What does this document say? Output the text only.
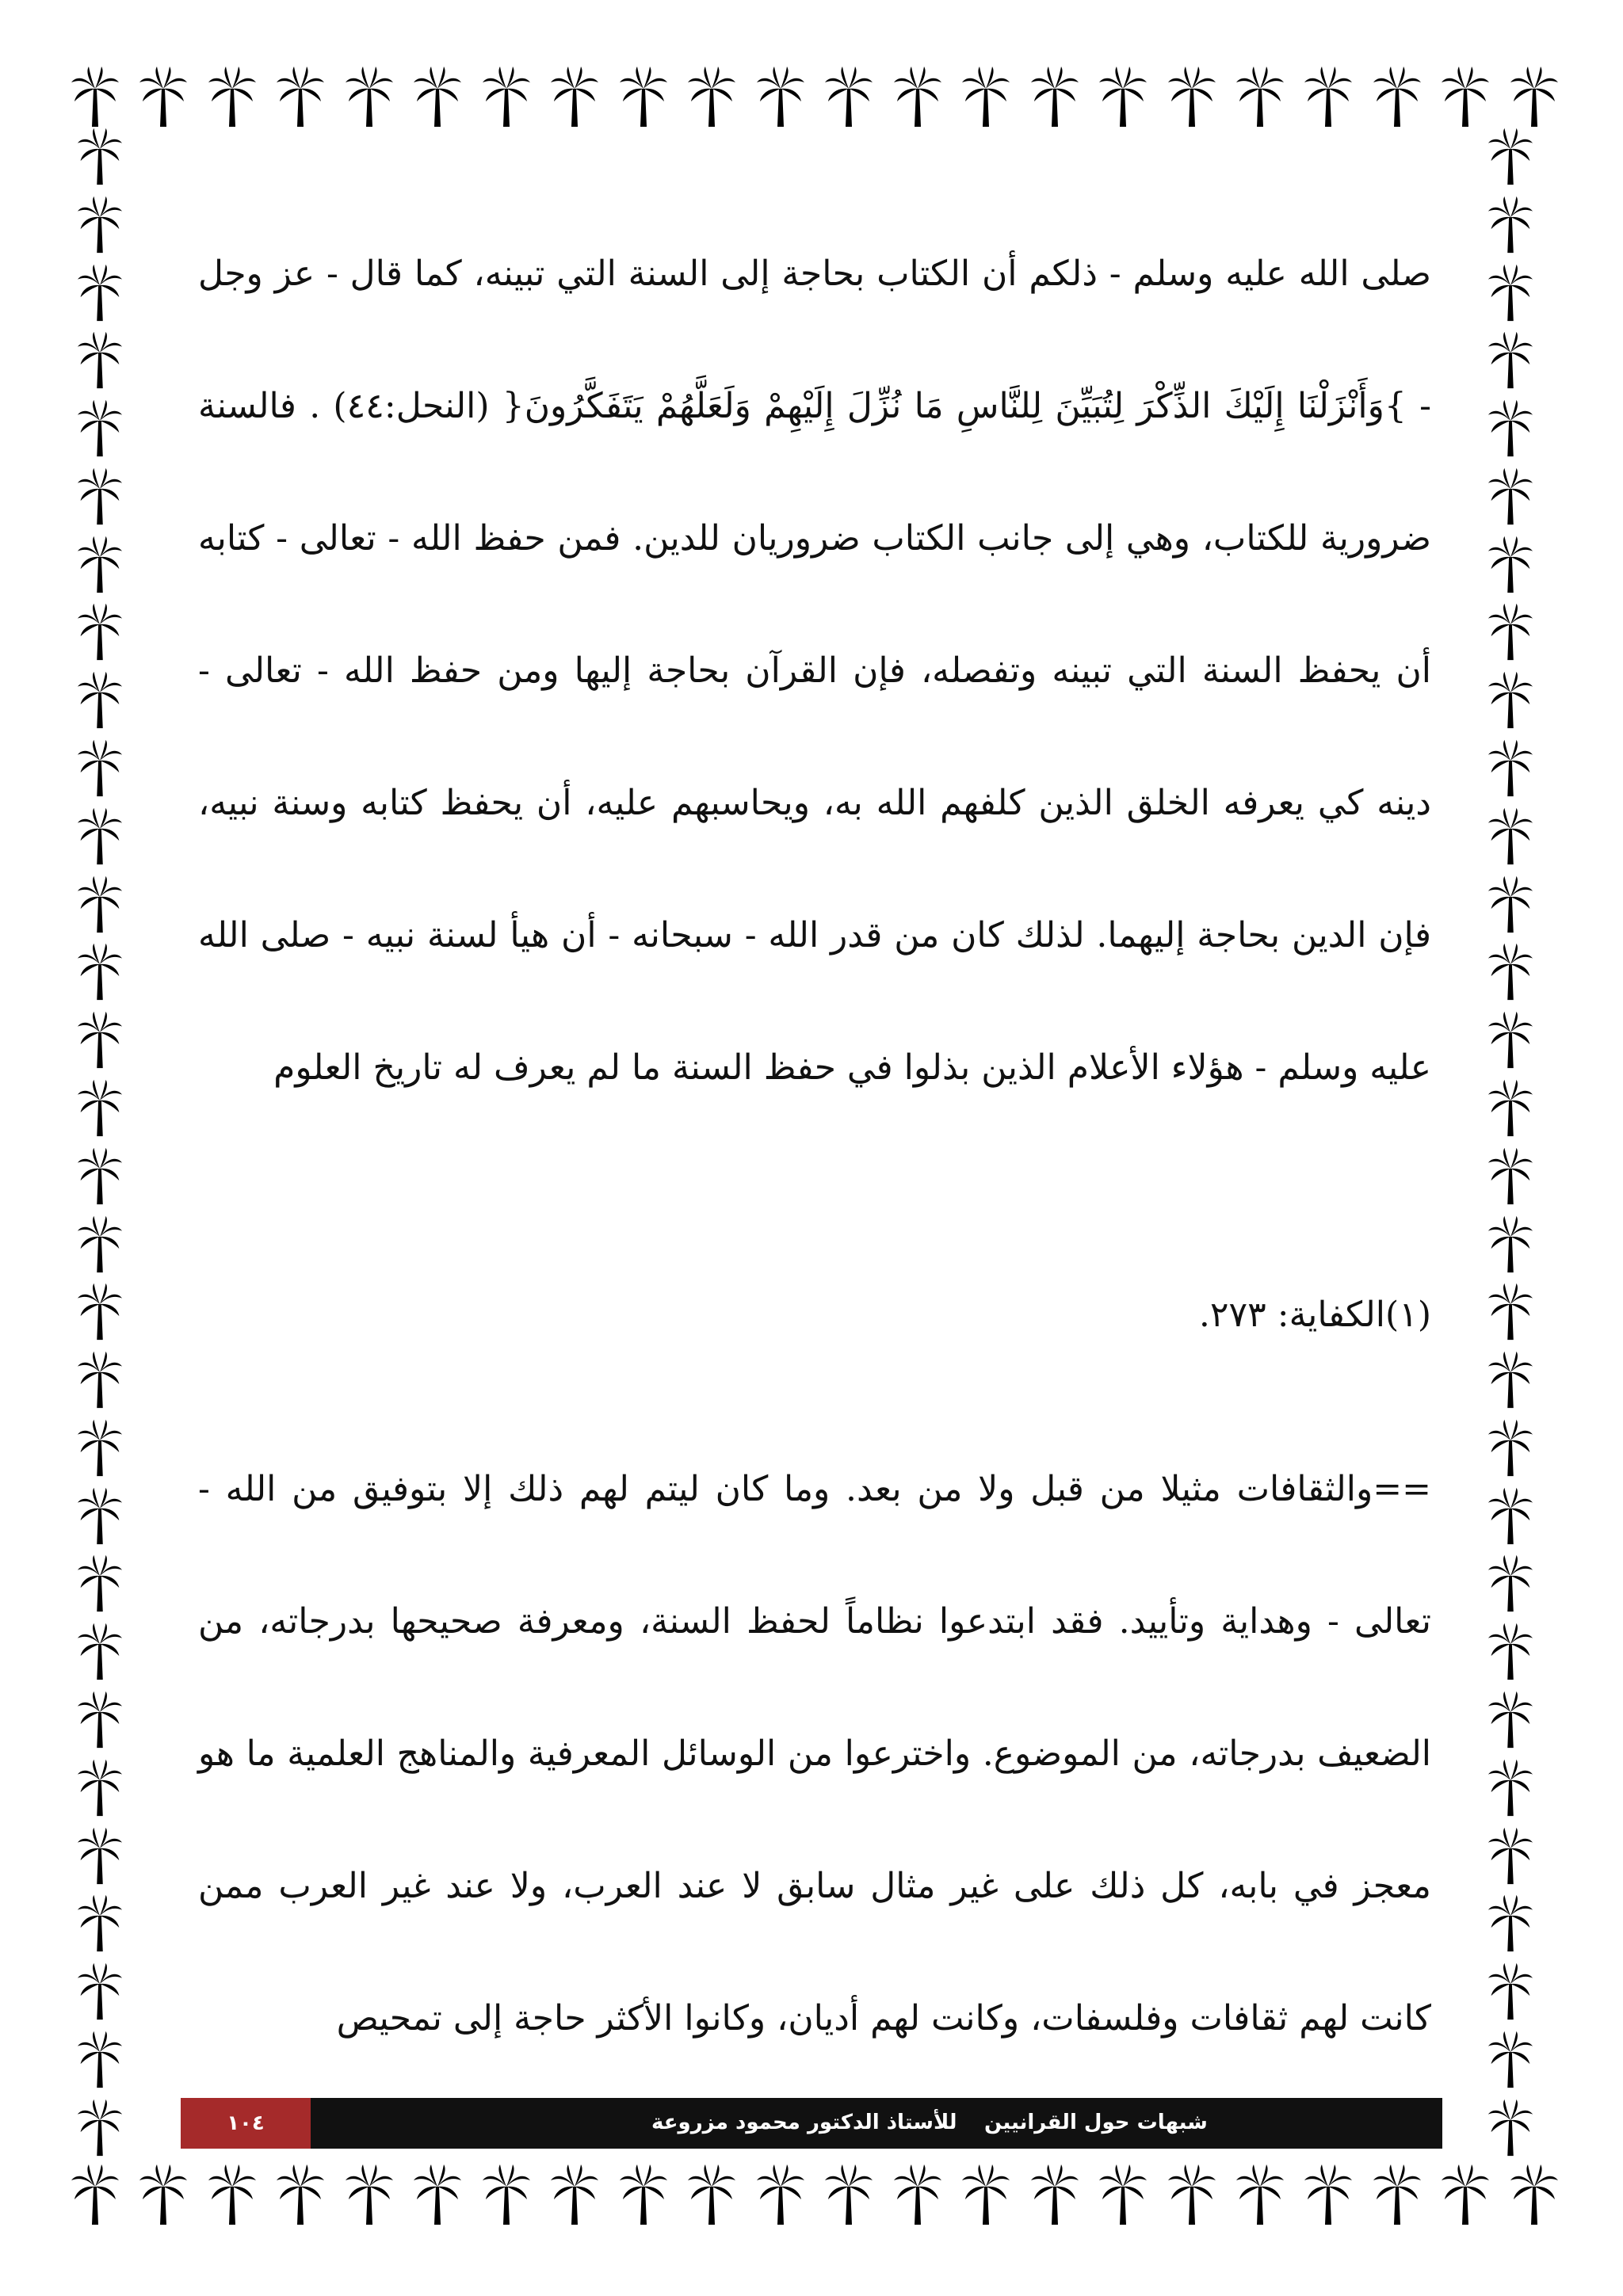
صلى الله عليه وسلم - ذلكم أن الكتاب بحاجة إلى السنة التي تبينه، كما قال - عز وجل - }وَأَنْزَلْنَا إِلَيْكَ الذِّكْرَ لِتُبَيِّنَ لِلنَّاسِ مَا نُزِّلَ إِلَيْهِمْ وَلَعَلَّهُمْ يَتَفَكَّرُونَ{ (النحل:٤٤) . فالسنة ضرورية للكتاب، وهي إلى جانب الكتاب ضروريان للدين. فمن حفظ الله - تعالى - كتابه أن يحفظ السنة التي تبينه وتفصله، فإن القرآن بحاجة إليها ومن حفظ الله - تعالى - دينه كي يعرفه الخلق الذين كلفهم الله به، ويحاسبهم عليه، أن يحفظ كتابه وسنة نبيه، فإن الدين بحاجة إليهما. لذلك كان من قدر الله - سبحانه - أن هيأ لسنة نبيه - صلى الله عليه وسلم - هؤلاء الأعلام الذين بذلوا في حفظ السنة ما لم يعرف له تاريخ العلوم

(١)الكفاية: ٢٧٣.

==والثقافات مثيلا من قبل ولا من بعد. وما كان ليتم لهم ذلك إلا بتوفيق من الله - تعالى - وهداية وتأييد. فقد ابتدعوا نظاماً لحفظ السنة، ومعرفة صحيحها بدرجاته، من الضعيف بدرجاته، من الموضوع. واخترعوا من الوسائل المعرفية والمناهج العلمية ما هو معجز في بابه، كل ذلك على غير مثال سابق لا عند العرب، ولا عند غير العرب ممن كانت لهم ثقافات وفلسفات، وكانت لهم أديان، وكانوا الأكثر حاجة إلى تمحيص

١٠٤	للأستاذ الدكتور محمود مزروعة شبهات حول القرانيين
